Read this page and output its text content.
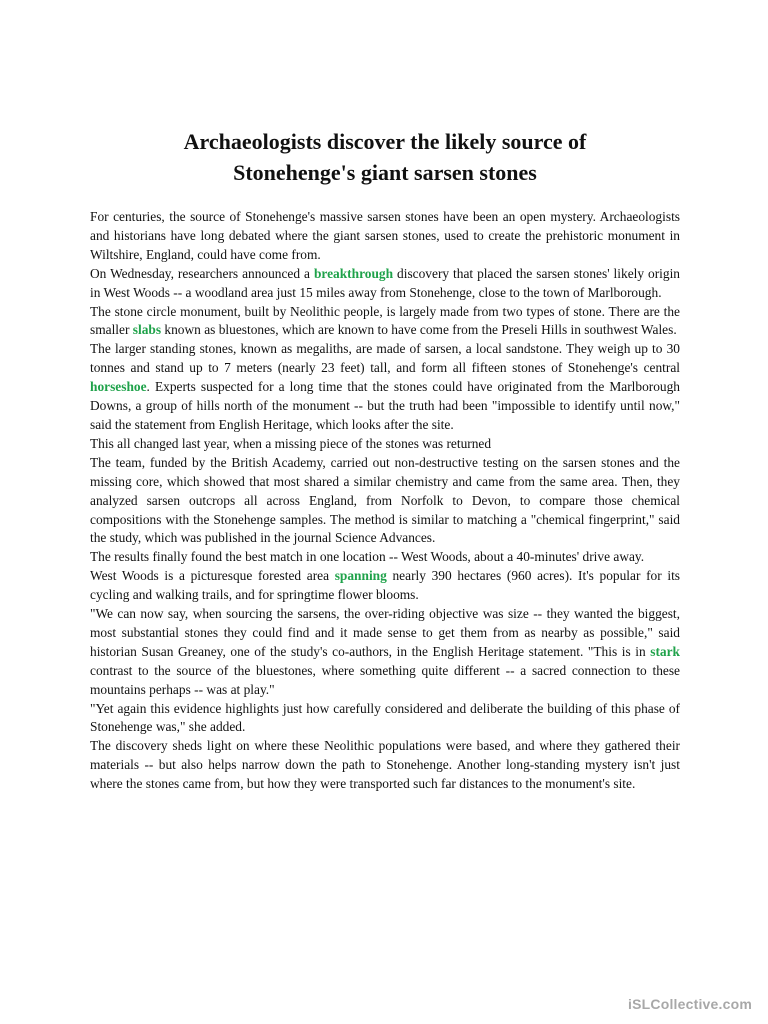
Archaeologists discover the likely source of
Stonehenge's giant sarsen stones

For centuries, the source of Stonehenge's massive sarsen stones have been an open mystery. Archaeologists and historians have long debated where the giant sarsen stones, used to create the prehistoric monument in Wiltshire, England, could have come from.

On Wednesday, researchers announced a breakthrough discovery that placed the sarsen stones' likely origin in West Woods -- a woodland area just 15 miles away from Stonehenge, close to the town of Marlborough.

The stone circle monument, built by Neolithic people, is largely made from two types of stone. There are the smaller slabs known as bluestones, which are known to have come from the Preseli Hills in southwest Wales.

The larger standing stones, known as megaliths, are made of sarsen, a local sandstone. They weigh up to 30 tonnes and stand up to 7 meters (nearly 23 feet) tall, and form all fifteen stones of Stonehenge's central horseshoe. Experts suspected for a long time that the stones could have originated from the Marlborough Downs, a group of hills north of the monument -- but the truth had been "impossible to identify until now," said the statement from English Heritage, which looks after the site.

This all changed last year, when a missing piece of the stones was returned

The team, funded by the British Academy, carried out non-destructive testing on the sarsen stones and the missing core, which showed that most shared a similar chemistry and came from the same area. Then, they analyzed sarsen outcrops all across England, from Norfolk to Devon, to compare those chemical compositions with the Stonehenge samples. The method is similar to matching a "chemical fingerprint," said the study, which was published in the journal Science Advances.

The results finally found the best match in one location -- West Woods, about a 40-minutes' drive away.

West Woods is a picturesque forested area spanning nearly 390 hectares (960 acres). It's popular for its cycling and walking trails, and for springtime flower blooms.

"We can now say, when sourcing the sarsens, the over-riding objective was size -- they wanted the biggest, most substantial stones they could find and it made sense to get them from as nearby as possible," said historian Susan Greaney, one of the study's co-authors, in the English Heritage statement. "This is in stark contrast to the source of the bluestones, where something quite different -- a sacred connection to these mountains perhaps -- was at play."

"Yet again this evidence highlights just how carefully considered and deliberate the building of this phase of Stonehenge was," she added.

The discovery sheds light on where these Neolithic populations were based, and where they gathered their materials -- but also helps narrow down the path to Stonehenge. Another long-standing mystery isn't just where the stones came from, but how they were transported such far distances to the monument's site.

iSLCollective.com
